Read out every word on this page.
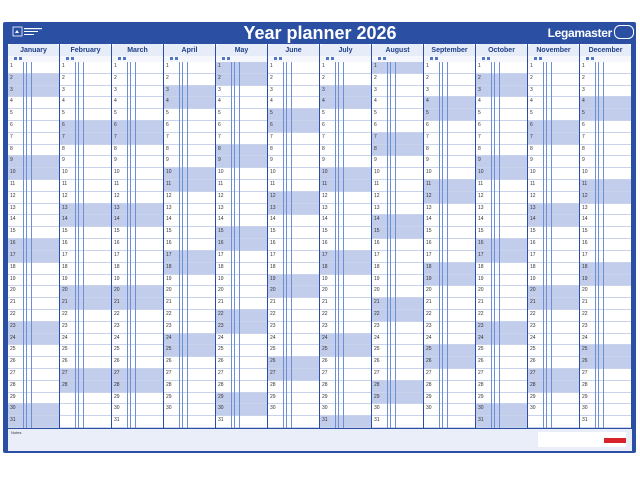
Year planner 2026	Legamaster
January
1
2
3
4
5
6
7
8
9
10
11
12
13
14
15
16
17
18
19
20
21
22
23
24
25
26
27
28
29
30
31
February
1
2
3
4
5
6
7
8
9
10
11
12
13
14
15
16
17
18
19
20
21
22
23
24
25
26
27
28
March
1
2
3
4
5
6
7
8
9
10
11
12
13
14
15
16
17
18
19
20
21
22
23
24
25
26
27
28
29
30
31
April
1
2
3
4
5
6
7
8
9
10
11
12
13
14
15
16
17
18
19
20
21
22
23
24
25
26
27
28
29
30
May
1
2
3
4
5
6
7
8
9
10
11
12
13
14
15
16
17
18
19
20
21
22
23
24
25
26
27
28
29
30
31
June
1
2
3
4
5
6
7
8
9
10
11
12
13
14
15
16
17
18
19
20
21
22
23
24
25
26
27
28
29
30
July
1
2
3
4
5
6
7
8
9
10
11
12
13
14
15
16
17
18
19
20
21
22
23
24
25
26
27
28
29
30
31
August
1
2
3
4
5
6
7
8
9
10
11
12
13
14
15
16
17
18
19
20
21
22
23
24
25
26
27
28
29
30
31
September
1
2
3
4
5
6
7
8
9
10
11
12
13
14
15
16
17
18
19
20
21
22
23
24
25
26
27
28
29
30
October
1
2
3
4
5
6
7
8
9
10
11
12
13
14
15
16
17
18
19
20
21
22
23
24
25
26
27
28
29
30
31
November
1
2
3
4
5
6
7
8
9
10
11
12
13
14
15
16
17
18
19
20
21
22
23
24
25
26
27
28
29
30
December
1
2
3
4
5
6
7
8
9
10
11
12
13
14
15
16
17
18
19
20
21
22
23
24
25
26
27
28
29
30
31
Notes
